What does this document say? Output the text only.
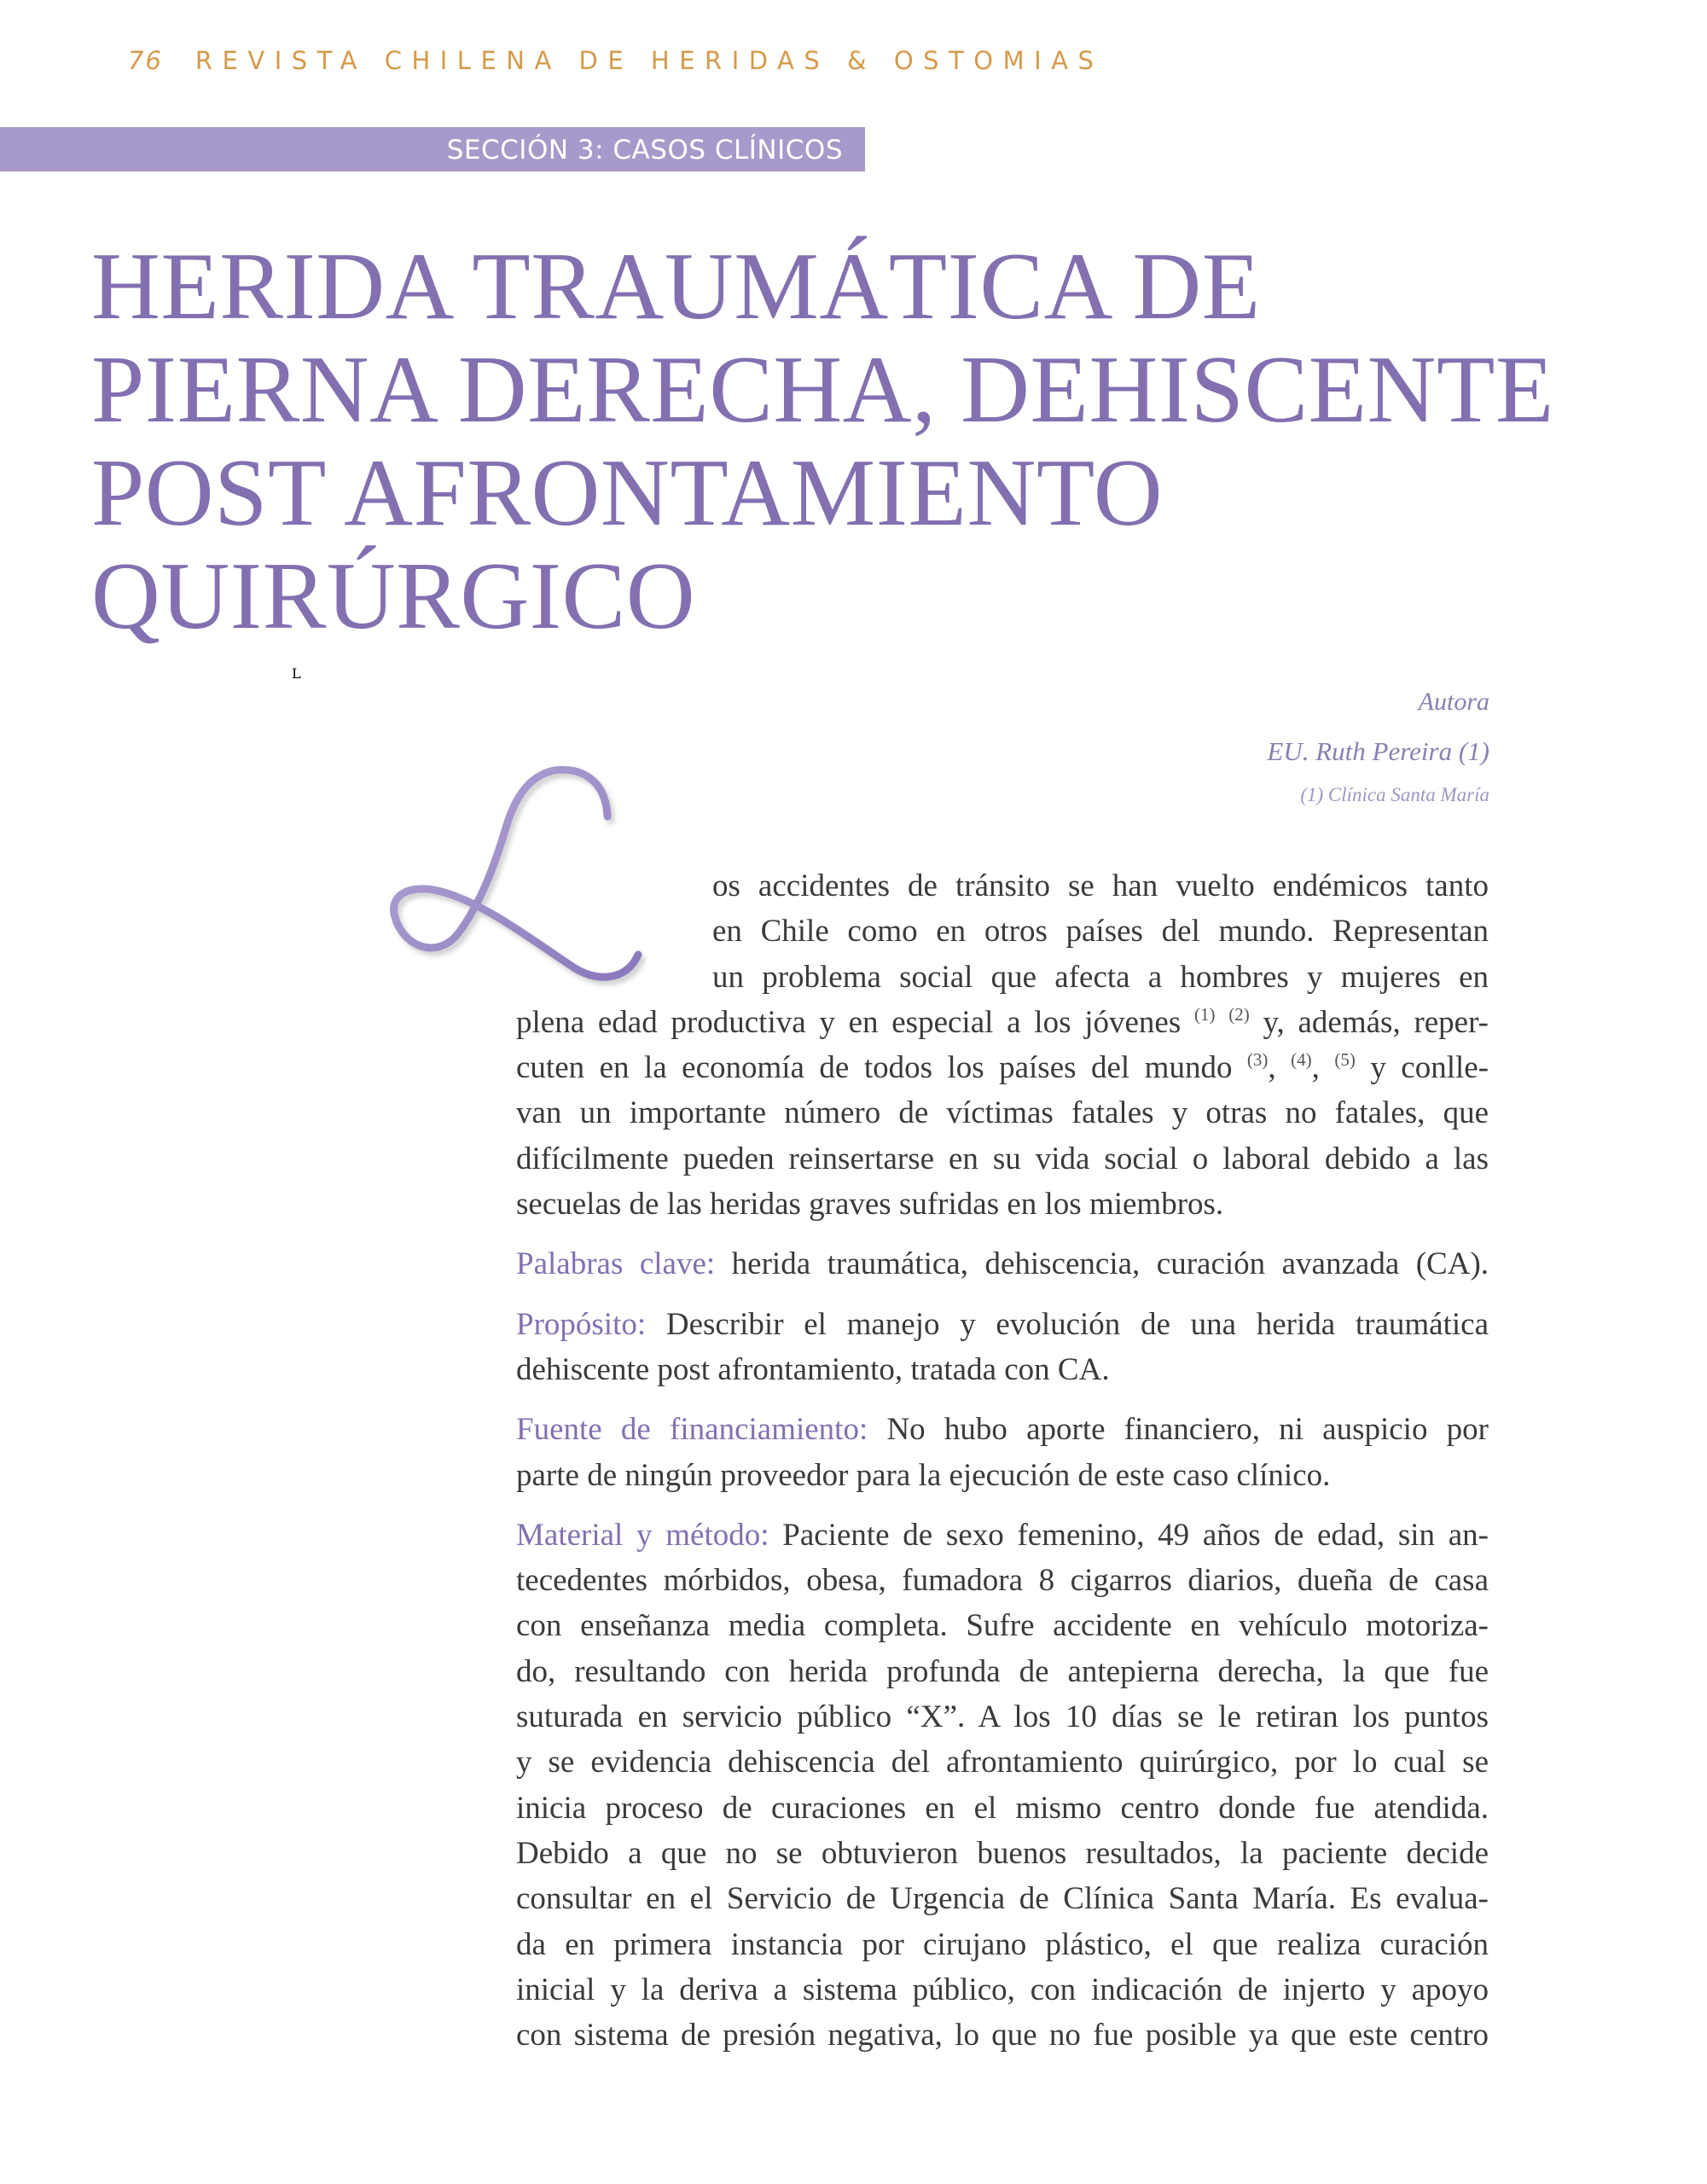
76 REVISTA CHILENA DE HERIDAS & OSTOMIAS
SECCIÓN 3: CASOS CLÍNICOS
HERIDA TRAUMÁTICA DE
PIERNA DERECHA, DEHISCENTE
POST AFRONTAMIENTO
QUIRÚRGICO
Autora
EU. Ruth Pereira (1)
(1) Clínica Santa María
L

os accidentes de tránsito se han vuelto endémicos tanto
en Chile como en otros países del mundo. Representan
un problema social que afecta a hombres y mujeres en
plena edad productiva y en especial a los jóvenes $^{(1)}$ $^{(2)}$ y, además, reper-
cuten en la economía de todos los países del mundo $^{(3)}$, $^{(4)}$, $^{(5)}$ y conlle-
van un importante número de víctimas fatales y otras no fatales, que
difícilmente pueden reinsertarse en su vida social o laboral debido a las
secuelas de las heridas graves sufridas en los miembros.

Palabras clave: herida traumática, dehiscencia, curación avanzada (CA).

Propósito: Describir el manejo y evolución de una herida traumática
dehiscente post afrontamiento, tratada con CA.

Fuente de financiamiento: No hubo aporte financiero, ni auspicio por
parte de ningún proveedor para la ejecución de este caso clínico.

Material y método: Paciente de sexo femenino, 49 años de edad, sin an-
tecedentes mórbidos, obesa, fumadora 8 cigarros diarios, dueña de casa
con enseñanza media completa. Sufre accidente en vehículo motoriza-
do, resultando con herida profunda de antepierna derecha, la que fue
suturada en servicio público “X”. A los 10 días se le retiran los puntos
y se evidencia dehiscencia del afrontamiento quirúrgico, por lo cual se
inicia proceso de curaciones en el mismo centro donde fue atendida.
Debido a que no se obtuvieron buenos resultados, la paciente decide
consultar en el Servicio de Urgencia de Clínica Santa María. Es evalua-
da en primera instancia por cirujano plástico, el que realiza curación
inicial y la deriva a sistema público, con indicación de injerto y apoyo
con sistema de presión negativa, lo que no fue posible ya que este centro
